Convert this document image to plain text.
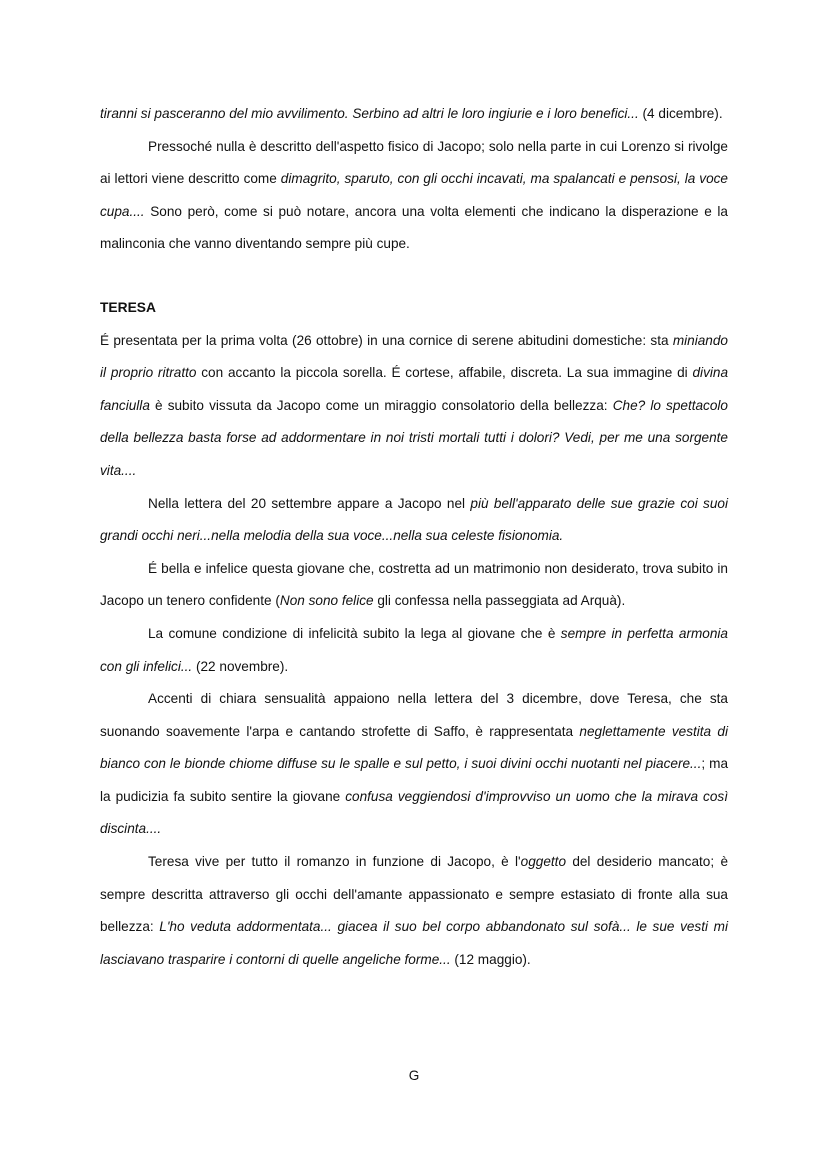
tiranni si pasceranno del mio avvilimento. Serbino ad altri le loro ingiurie e i loro benefici... (4 dicembre).

Pressoché nulla è descritto dell'aspetto fisico di Jacopo; solo nella parte in cui Lorenzo si rivolge ai lettori viene descritto come dimagrito, sparuto, con gli occhi incavati, ma spalancati e pensosi, la voce cupa.... Sono però, come si può notare, ancora una volta elementi che indicano la disperazione e la malinconia che vanno diventando sempre più cupe.

TERESA

É presentata per la prima volta (26 ottobre) in una cornice di serene abitudini domestiche: sta miniando il proprio ritratto con accanto la piccola sorella. É cortese, affabile, discreta. La sua immagine di divina fanciulla è subito vissuta da Jacopo come un miraggio consolatorio della bellezza: Che? lo spettacolo della bellezza basta forse ad addormentare in noi tristi mortali tutti i dolori? Vedi, per me una sorgente vita....

Nella lettera del 20 settembre appare a Jacopo nel più bell'apparato delle sue grazie coi suoi grandi occhi neri...nella melodia della sua voce...nella sua celeste fisionomia.

É bella e infelice questa giovane che, costretta ad un matrimonio non desiderato, trova subito in Jacopo un tenero confidente (Non sono felice gli confessa nella passeggiata ad Arquà).

La comune condizione di infelicità subito la lega al giovane che è sempre in perfetta armonia con gli infelici... (22 novembre).

Accenti di chiara sensualità appaiono nella lettera del 3 dicembre, dove Teresa, che sta suonando soavemente l'arpa e cantando strofette di Saffo, è rappresentata neglettamente vestita di bianco con le bionde chiome diffuse su le spalle e sul petto, i suoi divini occhi nuotanti nel piacere...; ma la pudicizia fa subito sentire la giovane confusa veggiendosi d'improvviso un uomo che la mirava così discinta....

Teresa vive per tutto il romanzo in funzione di Jacopo, è l'oggetto del desiderio mancato; è sempre descritta attraverso gli occhi dell'amante appassionato e sempre estasiato di fronte alla sua bellezza: L'ho veduta addormentata... giacea il suo bel corpo abbandonato sul sofà... le sue vesti mi lasciavano trasparire i contorni di quelle angeliche forme... (12 maggio).

G
